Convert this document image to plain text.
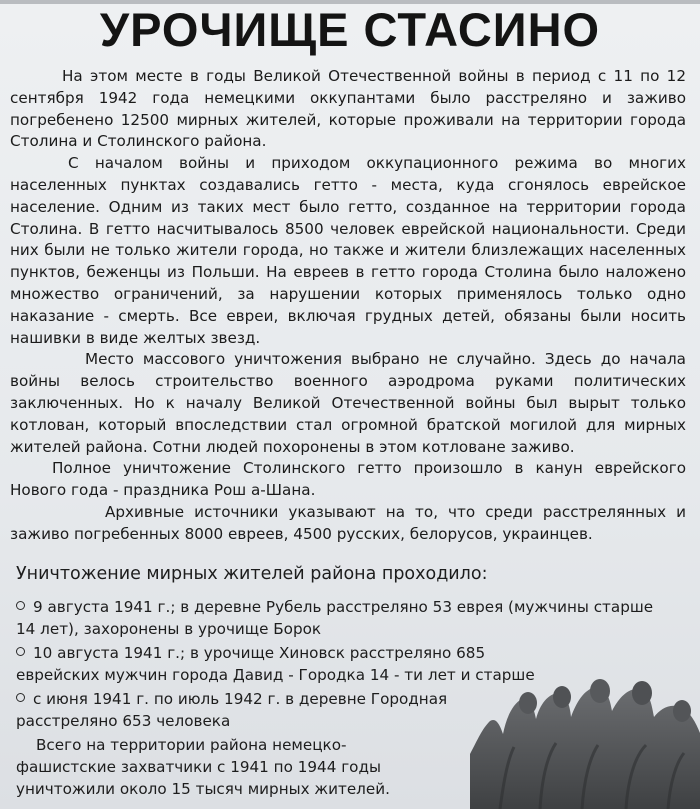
УРОЧИЩЕ СТАСИНО

На этом месте в годы Великой Отечественной войны в период с 11 по 12 сентября 1942 года немецкими оккупантами было расстреляно и заживо погребенено 12500 мирных жителей, которые проживали на территории города Столина и Столинского района.

С началом войны и приходом оккупационного режима во многих населенных пунктах создавались гетто - места, куда сгонялось еврейское население. Одним из таких мест было гетто, созданное на территории города Столина. В гетто насчитывалось 8500 человек еврейской национальности. Среди них были не только жители города, но также и жители близлежащих населенных пунктов, беженцы из Польши. На евреев в гетто города Столина было наложено множество ограничений, за нарушении которых применялось только одно наказание - смерть. Все евреи, включая грудных детей, обязаны были носить нашивки в виде желтых звезд.

Место массового уничтожения выбрано не случайно. Здесь до начала войны велось строительство военного аэродрома руками политических заключенных. Но к началу Великой Отечественной войны был вырыт только котлован, который впоследствии стал огромной братской могилой для мирных жителей района. Сотни людей похоронены в этом котловане заживо.

Полное уничтожение Столинского гетто произошло в канун еврейского Нового года - праздника Рош а-Шана.

Архивные источники указывают на то, что среди расстрелянных и заживо погребенных 8000 евреев, 4500 русских, белорусов, украинцев.

Уничтожение мирных жителей района проходило:
9 августа 1941 г.; в деревне Рубель расстреляно 53 еврея (мужчины старше 14 лет), захоронены в урочище Борок
10 августа 1941 г.; в урочище Хиновск расстреляно 685 еврейских мужчин города Давид - Городка 14 - ти лет и старше
с июня 1941 г. по июль 1942 г. в деревне Городная расстреляно 653 человека

Всего на территории района немецко-фашистские захватчики с 1941 по 1944 годы уничтожили около 15 тысяч мирных жителей.
